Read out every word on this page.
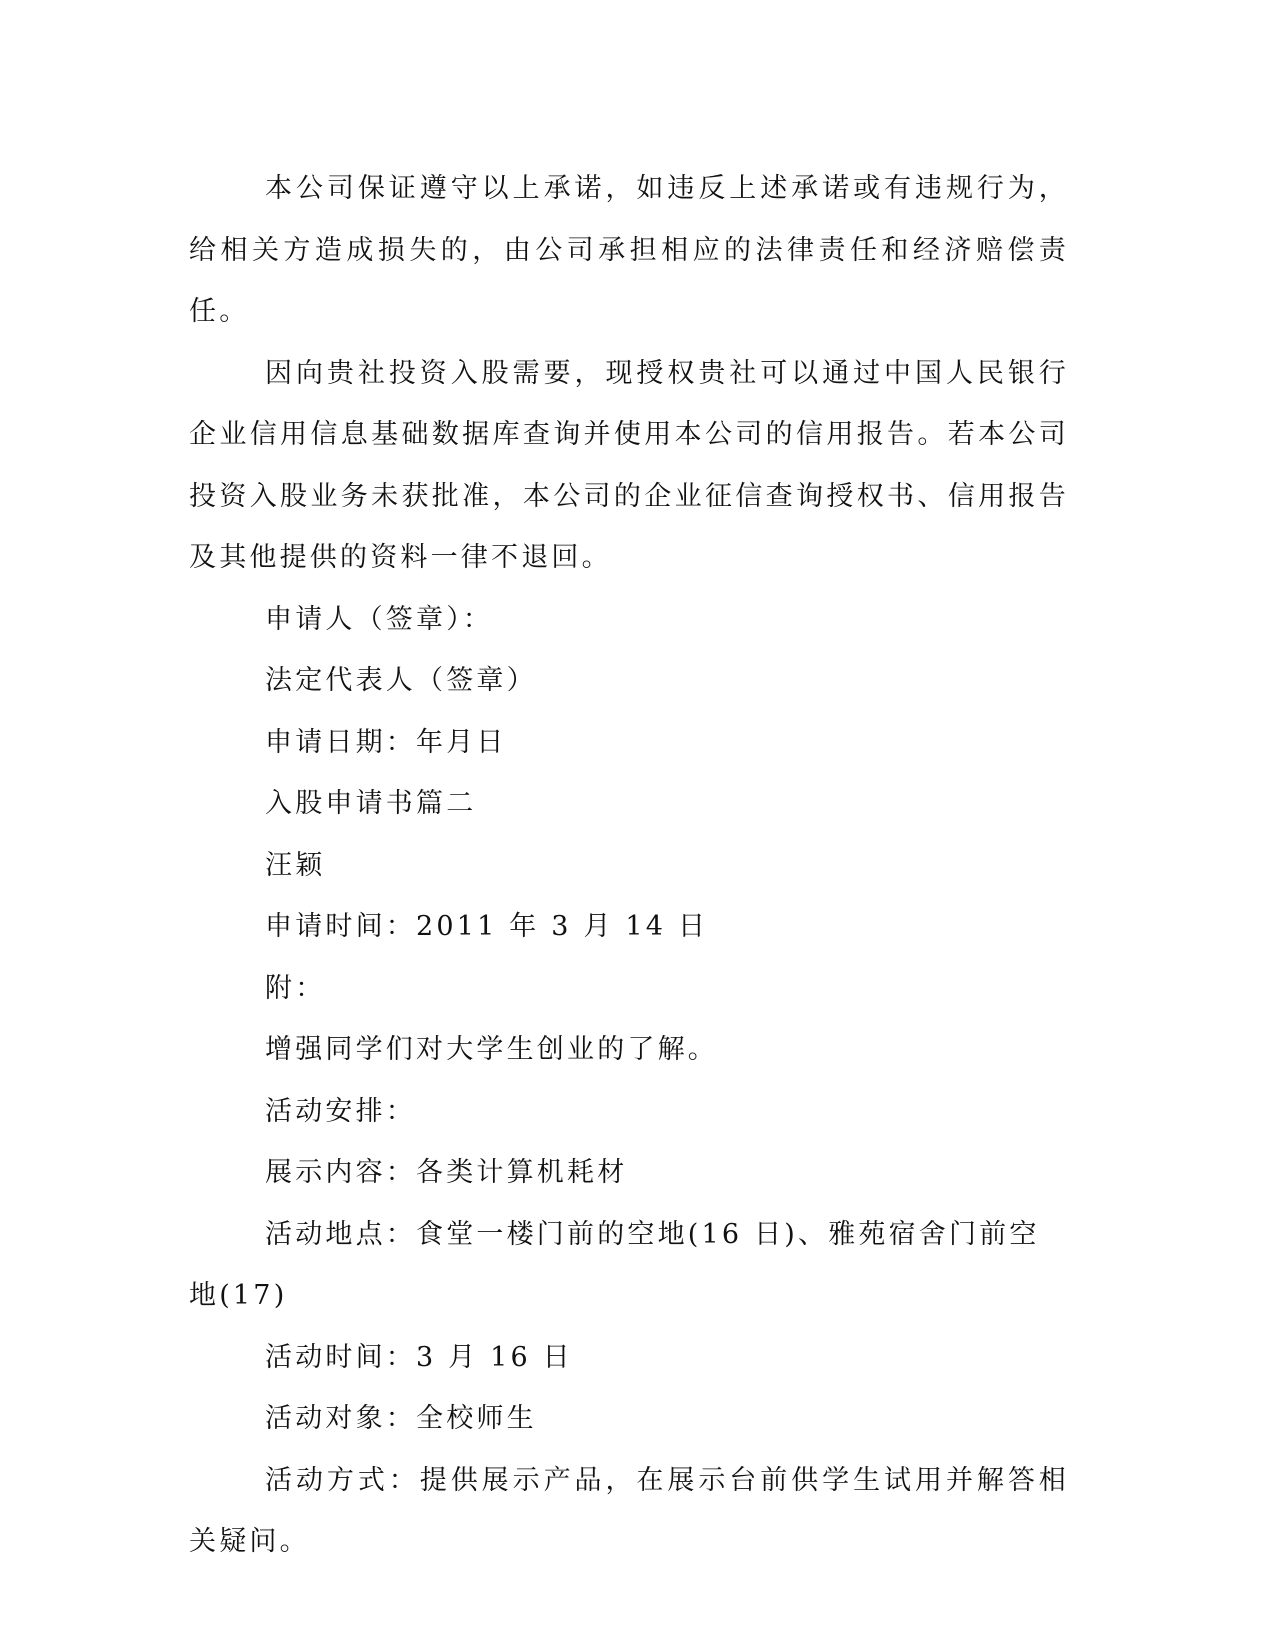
本公司保证遵守以上承诺，如违反上述承诺或有违规行为，给相关方造成损失的，由公司承担相应的法律责任和经济赔偿责任。

因向贵社投资入股需要，现授权贵社可以通过中国人民银行企业信用信息基础数据库查询并使用本公司的信用报告。若本公司投资入股业务未获批准，本公司的企业征信查询授权书、信用报告及其他提供的资料一律不退回。

申请人（签章）：

法定代表人（签章）

申请日期：年月日

入股申请书篇二

汪颖

申请时间：2011 年 3 月 14 日

附：

增强同学们对大学生创业的了解。

活动安排：

展示内容：各类计算机耗材

活动地点：食堂一楼门前的空地(16 日)、雅苑宿舍门前空地(17)

活动时间：3 月 16 日

活动对象：全校师生

活动方式：提供展示产品，在展示台前供学生试用并解答相关疑问。
